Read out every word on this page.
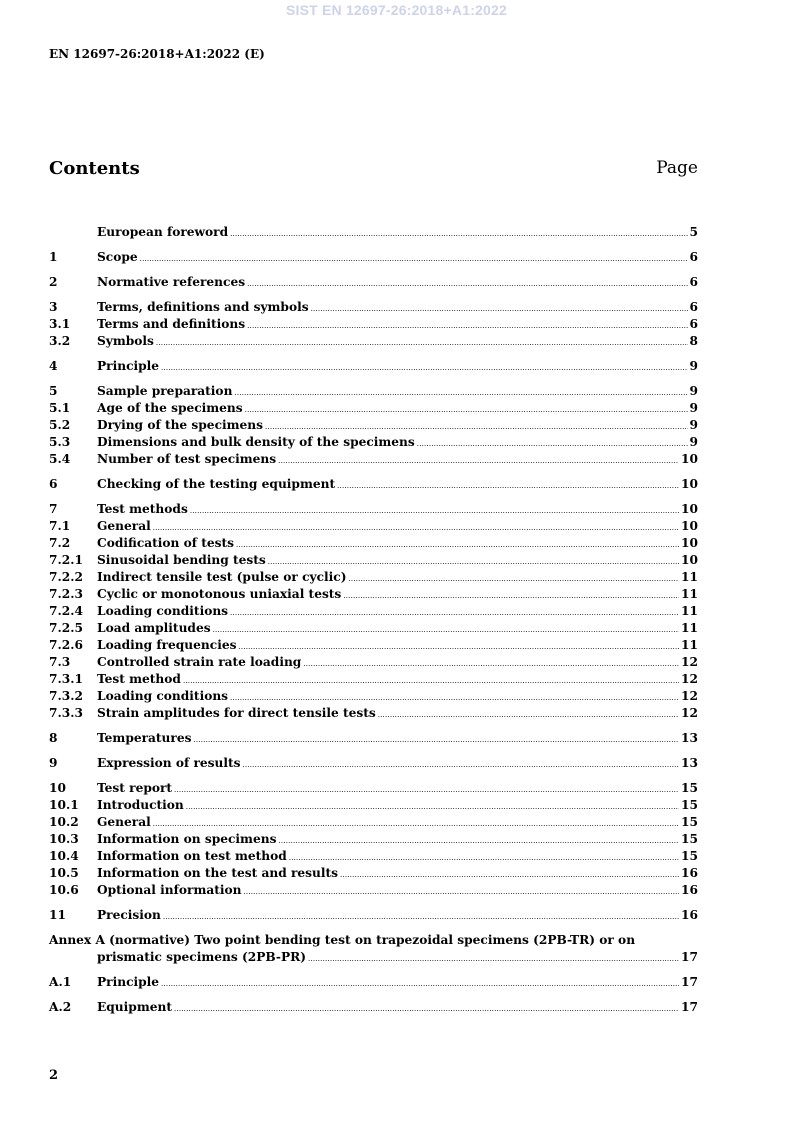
SIST EN 12697-26:2018+A1:2022
EN 12697-26:2018+A1:2022 (E)
Contents	Page
European foreword .....	5
1	Scope .....	6
2	Normative references .....	6
3	Terms, definitions and symbols .....	6
3.1	Terms and definitions .....	6
3.2	Symbols .....	8
4	Principle .....	9
5	Sample preparation .....	9
5.1	Age of the specimens .....	9
5.2	Drying of the specimens .....	9
5.3	Dimensions and bulk density of the specimens .....	9
5.4	Number of test specimens .....	10
6	Checking of the testing equipment .....	10
7	Test methods .....	10
7.1	General .....	10
7.2	Codification of tests .....	10
7.2.1	Sinusoidal bending tests .....	10
7.2.2	Indirect tensile test (pulse or cyclic) .....	11
7.2.3	Cyclic or monotonous uniaxial tests .....	11
7.2.4	Loading conditions .....	11
7.2.5	Load amplitudes .....	11
7.2.6	Loading frequencies .....	11
7.3	Controlled strain rate loading .....	12
7.3.1	Test method .....	12
7.3.2	Loading conditions .....	12
7.3.3	Strain amplitudes for direct tensile tests .....	12
8	Temperatures .....	13
9	Expression of results .....	13
10	Test report .....	15
10.1	Introduction .....	15
10.2	General .....	15
10.3	Information on specimens .....	15
10.4	Information on test method .....	15
10.5	Information on the test and results .....	16
10.6	Optional information .....	16
11	Precision .....	16
Annex A (normative) Two point bending test on trapezoidal specimens (2PB-TR) or on
prismatic specimens (2PB-PR) .....	17
A.1	Principle .....	17
A.2	Equipment .....	17
2
